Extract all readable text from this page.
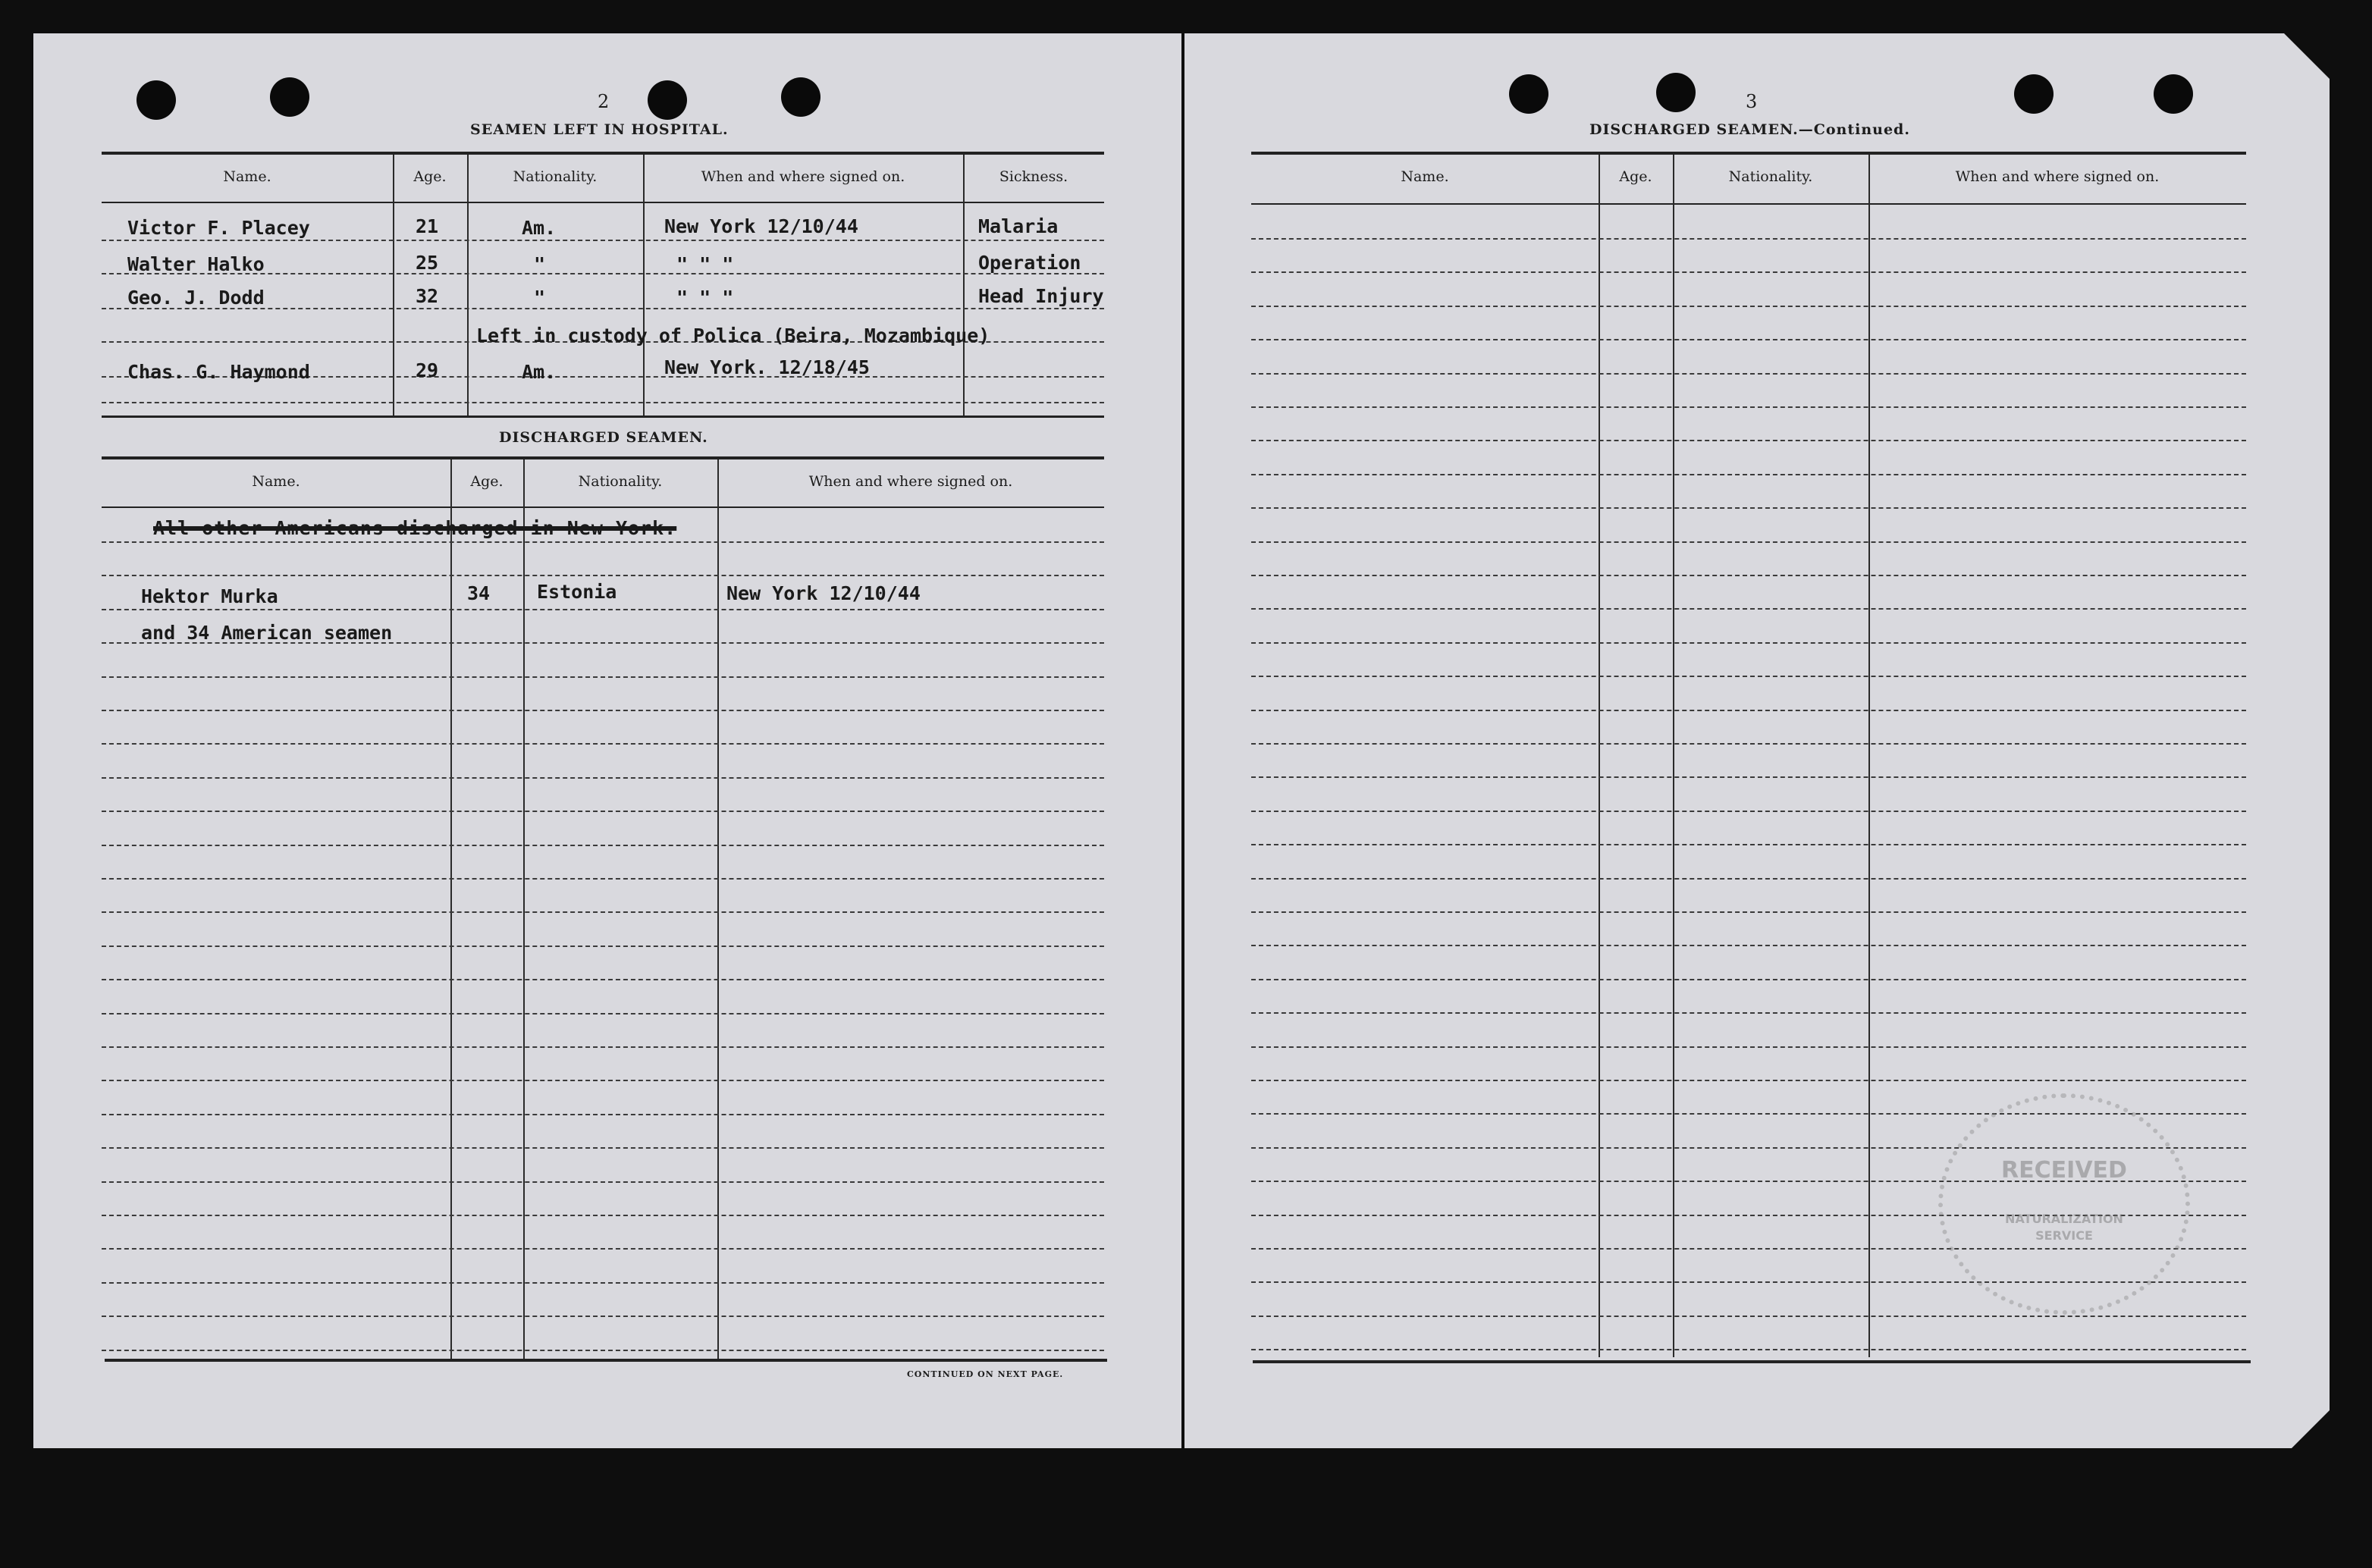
2
SEAMEN LEFT IN HOSPITAL.
Name.	Age.	Nationality.	When and where signed on.	Sickness.
Victor F. Placey	21	Am.	New York 12/10/44	Malaria
Walter Halko	25	"	" " "	Operation
Geo. J. Dodd	32	"	" " "	Head Injury
Left in custody of Polica (Beira, Mozambique)
Chas. G. Haymond	29	Am.	New York. 12/18/45
DISCHARGED SEAMEN.
Name.	Age.	Nationality.	When and where signed on.
All other Americans discharged in New York.
Hektor Murka	34 Estonia	New York 12/10/44
and 34 American seamen
CONTINUED ON NEXT PAGE.
3
DISCHARGED SEAMEN.—Continued.
Name.	Age.	Nationality.	When and where signed on.
RECEIVED
NATURALIZATION
SERVICE
